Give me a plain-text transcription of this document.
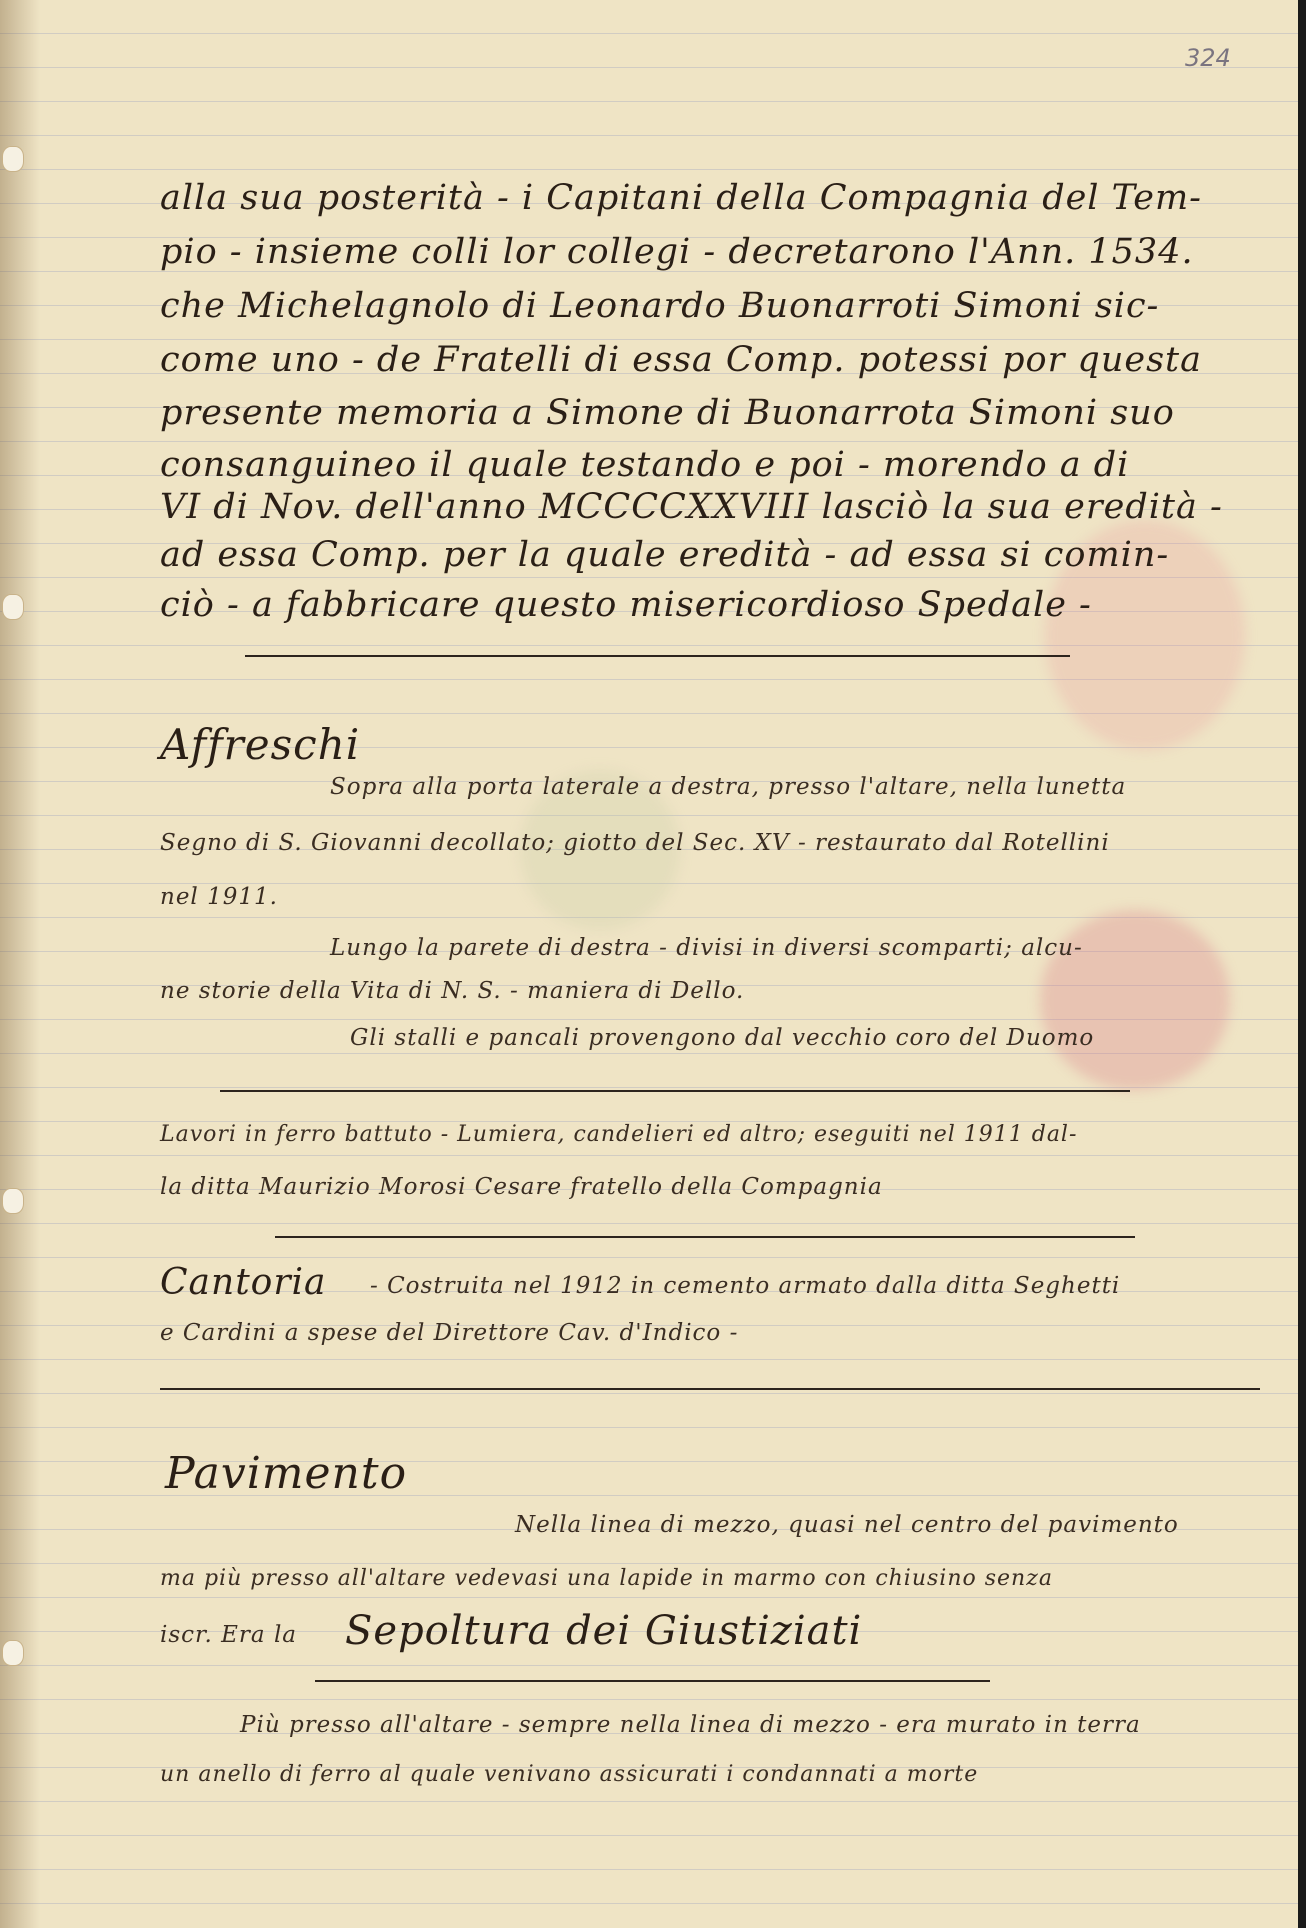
324
alla sua posterità - i Capitani della Compagnia del Tem-
pio - insieme colli lor collegi - decretarono l'Ann. 1534.
che Michelagnolo di Leonardo Buonarroti Simoni sic-
come uno - de Fratelli di essa Comp. potessi por questa
presente memoria a Simone di Buonarrota Simoni suo
consanguineo il quale testando e poi - morendo a di
VI di Nov. dell'anno MCCCCXXVIII lasciò la sua eredità -
ad essa Comp. per la quale eredità - ad essa si comin-
ciò - a fabbricare questo misericordioso Spedale -
Affreschi
Sopra alla porta laterale a destra, presso l'altare, nella lunetta
Segno di S. Giovanni decollato; giotto del Sec. XV - restaurato dal Rotellini
nel 1911.
Lungo la parete di destra - divisi in diversi scomparti; alcu-
ne storie della Vita di N. S. - maniera di Dello.
Gli stalli e pancali provengono dal vecchio coro del Duomo
Lavori in ferro battuto - Lumiera, candelieri ed altro; eseguiti nel 1911 dal-
la ditta Maurizio Morosi Cesare fratello della Compagnia
Cantoria - Costruita nel 1912 in cemento armato dalla ditta Seghetti
e Cardini a spese del Direttore Cav. d'Indico -
Pavimento
Nella linea di mezzo, quasi nel centro del pavimento
ma più presso all'altare vedevasi una lapide in marmo con chiusino senza
iscr. Era la Sepoltura dei Giustiziati
Più presso all'altare - sempre nella linea di mezzo - era murato in terra
un anello di ferro al quale venivano assicurati i condannati a morte
